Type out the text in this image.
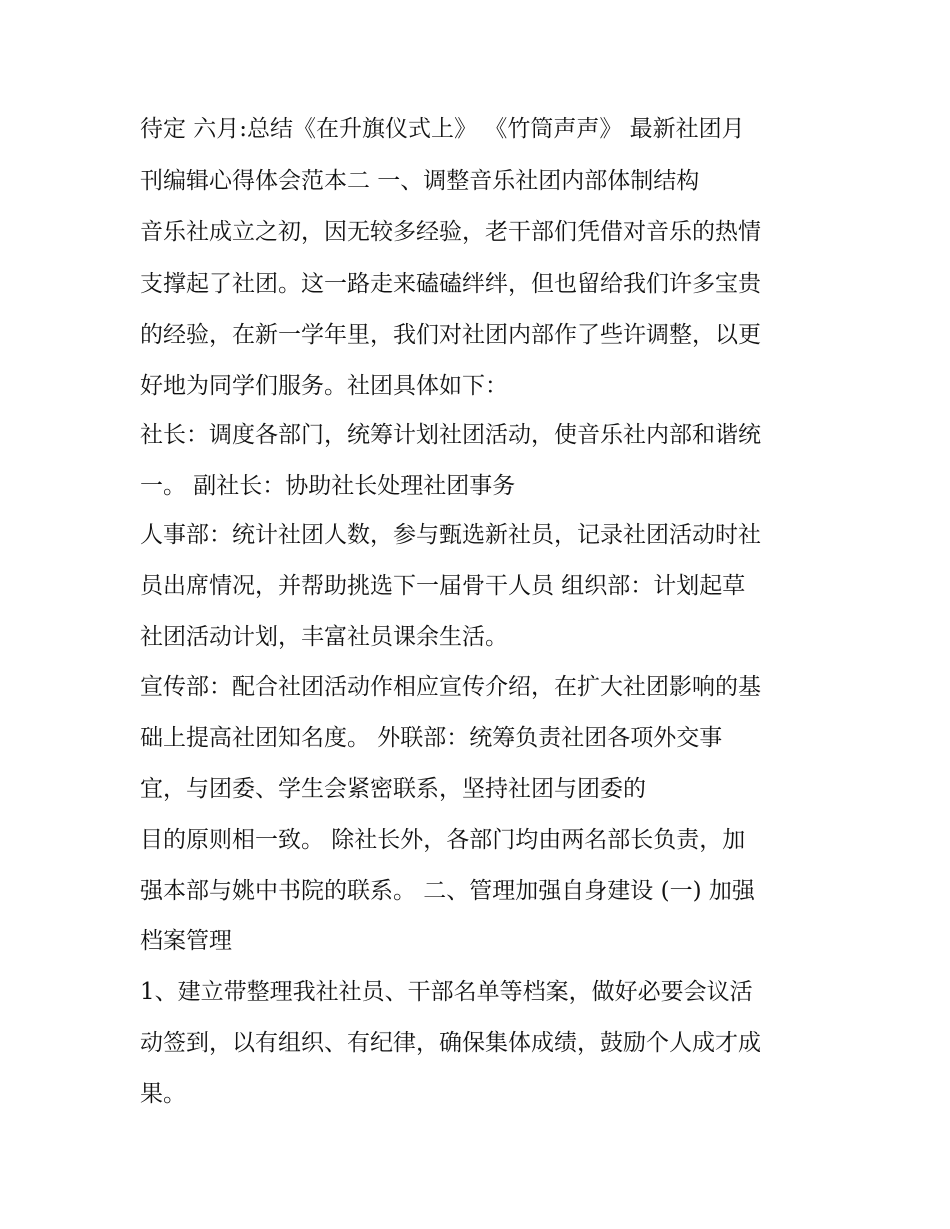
待定 六月:总结《在升旗仪式上》 《竹筒声声》 最新社团月
刊编辑心得体会范本二 一、调整音乐社团内部体制结构
音乐社成立之初，因无较多经验，老干部们凭借对音乐的热情
支撑起了社团。这一路走来磕磕绊绊，但也留给我们许多宝贵
的经验，在新一学年里，我们对社团内部作了些许调整，以更
好地为同学们服务。社团具体如下：
社长：调度各部门，统筹计划社团活动，使音乐社内部和谐统
一。 副社长：协助社长处理社团事务
人事部：统计社团人数，参与甄选新社员，记录社团活动时社
员出席情况，并帮助挑选下一届骨干人员 组织部：计划起草
社团活动计划，丰富社员课余生活。
宣传部：配合社团活动作相应宣传介绍，在扩大社团影响的基
础上提高社团知名度。 外联部：统筹负责社团各项外交事
宜，与团委、学生会紧密联系，坚持社团与团委的
目的原则相一致。 除社长外，各部门均由两名部长负责，加
强本部与姚中书院的联系。 二、管理加强自身建设 (一) 加强
档案管理
1、建立带整理我社社员、干部名单等档案，做好必要会议活
动签到，以有组织、有纪律，确保集体成绩，鼓励个人成才成
果。
